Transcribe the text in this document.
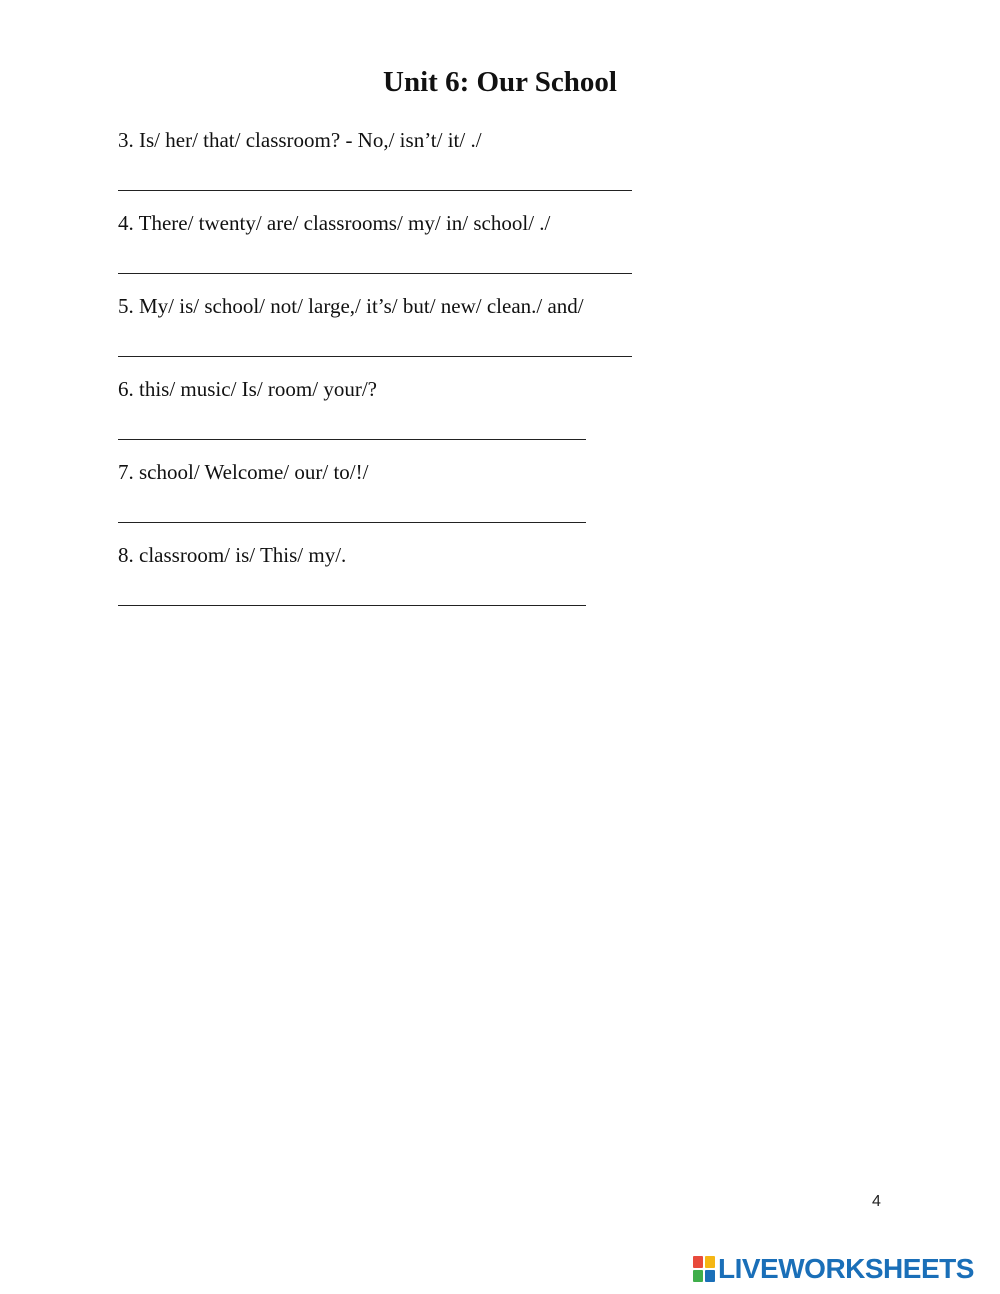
Unit 6: Our School
3. Is/ her/ that/ classroom? - No,/ isn’t/ it/ ./
4. There/ twenty/ are/ classrooms/ my/ in/ school/ ./
5. My/ is/ school/ not/ large,/ it’s/ but/ new/ clean./ and/
6. this/ music/ Is/ room/ your/?
7. school/ Welcome/ our/ to/!/
8. classroom/ is/ This/ my/.
4
LIVEWORKSHEETS
